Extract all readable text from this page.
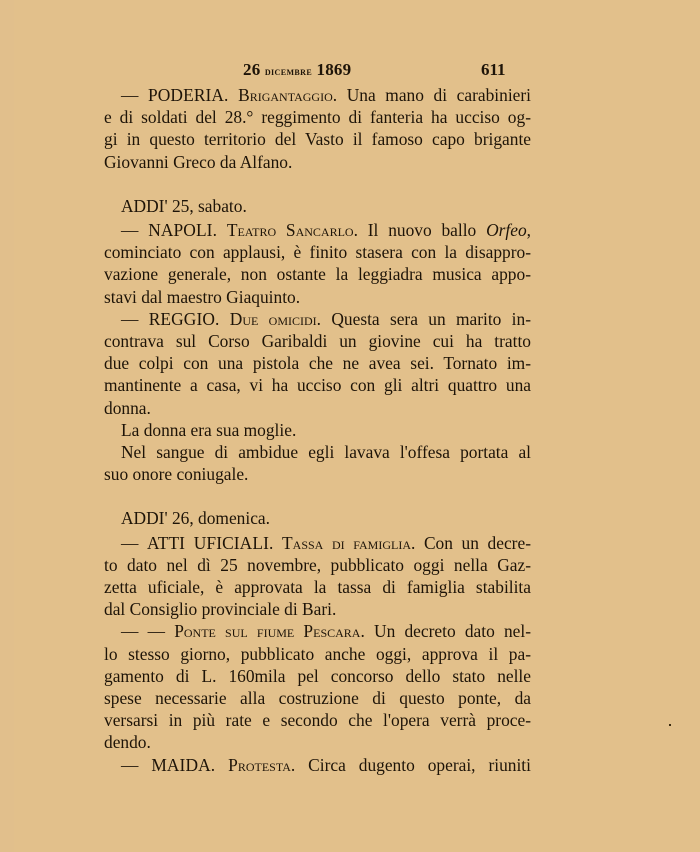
26 dicembre 1869	611
— PODERIA. Brigantaggio. Una mano di carabinieri
e di soldati del 28.° reggimento di fanteria ha ucciso og-
gi in questo territorio del Vasto il famoso capo brigante
Giovanni Greco da Alfano.
ADDI' 25, sabato.
— NAPOLI. Teatro Sancarlo. Il nuovo ballo Orfeo,
cominciato con applausi, è finito stasera con la disappro-
vazione generale, non ostante la leggiadra musica appo-
stavi dal maestro Giaquinto.
— REGGIO. Due omicidi. Questa sera un marito in-
contrava sul Corso Garibaldi un giovine cui ha tratto
due colpi con una pistola che ne avea sei. Tornato im-
mantinente a casa, vi ha ucciso con gli altri quattro una
donna.
La donna era sua moglie.
Nel sangue di ambidue egli lavava l'offesa portata al
suo onore coniugale.
ADDI' 26, domenica.
— ATTI UFICIALI. Tassa di famiglia. Con un decre-
to dato nel dì 25 novembre, pubblicato oggi nella Gaz-
zetta uficiale, è approvata la tassa di famiglia stabilita
dal Consiglio provinciale di Bari.
— — Ponte sul fiume Pescara. Un decreto dato nel-
lo stesso giorno, pubblicato anche oggi, approva il pa-
gamento di L. 160mila pel concorso dello stato nelle
spese necessarie alla costruzione di questo ponte, da
versarsi in più rate e secondo che l'opera verrà proce-
dendo.
— MAIDA. Protesta. Circa dugento operai, riuniti
